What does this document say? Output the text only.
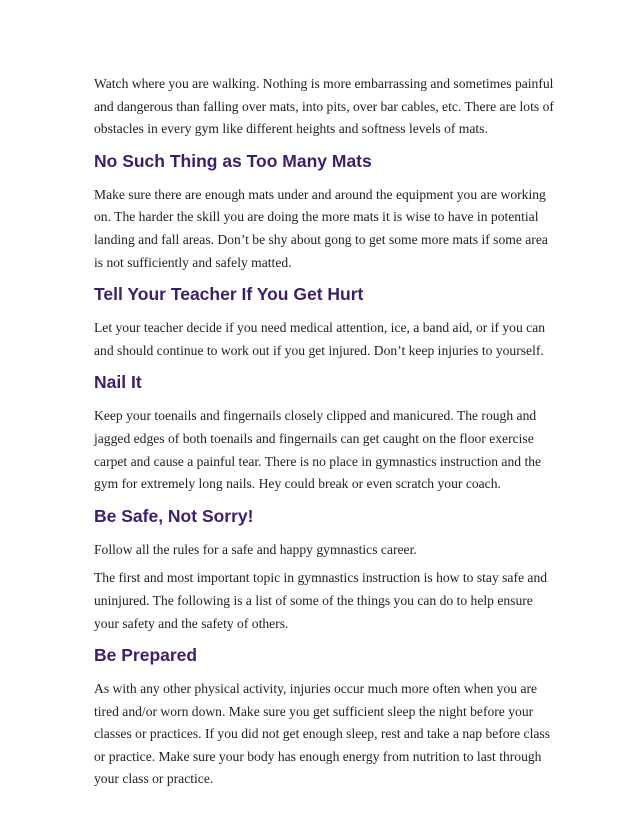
Watch where you are walking. Nothing is more embarrassing and sometimes painful and dangerous than falling over mats, into pits, over bar cables, etc. There are lots of obstacles in every gym like different heights and softness levels of mats.

No Such Thing as Too Many Mats

Make sure there are enough mats under and around the equipment you are working on. The harder the skill you are doing the more mats it is wise to have in potential landing and fall areas. Don’t be shy about gong to get some more mats if some area is not sufficiently and safely matted.

Tell Your Teacher If You Get Hurt

Let your teacher decide if you need medical attention, ice, a band aid, or if you can and should continue to work out if you get injured. Don’t keep injuries to yourself.

Nail It

Keep your toenails and fingernails closely clipped and manicured. The rough and jagged edges of both toenails and fingernails can get caught on the floor exercise carpet and cause a painful tear. There is no place in gymnastics instruction and the gym for extremely long nails. Hey could break or even scratch your coach.

Be Safe, Not Sorry!

Follow all the rules for a safe and happy gymnastics career.

The first and most important topic in gymnastics instruction is how to stay safe and uninjured. The following is a list of some of the things you can do to help ensure your safety and the safety of others.

Be Prepared

As with any other physical activity, injuries occur much more often when you are tired and/or worn down. Make sure you get sufficient sleep the night before your classes or practices. If you did not get enough sleep, rest and take a nap before class or practice. Make sure your body has enough energy from nutrition to last through your class or practice.
